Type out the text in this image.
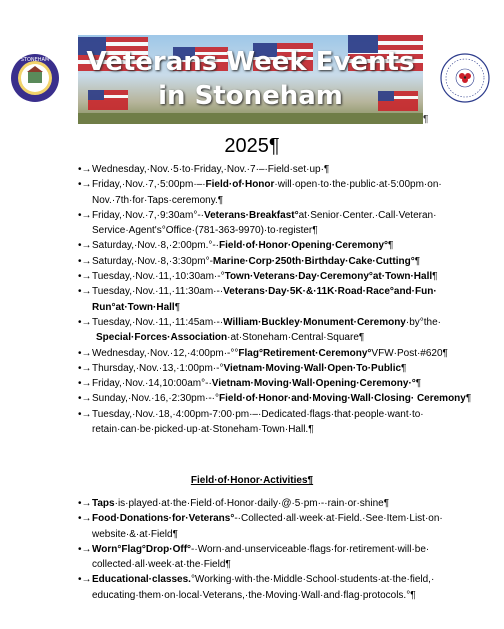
Veterans Week Events
in Stoneham
¶
STONEHAM
2025¶
•→ Wednesday,·Nov.·5·to·Friday,·Nov.·7·–·Field·set·up·¶
•→ Friday,·Nov.·7,·5:00pm·–·Field·of·Honor·will·open·to·the·public·at·5:00pm·on· Nov.·7th·for·Taps·ceremony.¶
•→ Friday,·Nov.·7,·9:30am°-·Veterans·Breakfast°at·Senior·Center.·Call·Veteran· Service·Agent's°Office·(781-363-9970)·to·register¶
•→ Saturday,·Nov.·8,·2:00pm.°-·Field·of·Honor·Opening·Ceremony°¶
•→ Saturday,·Nov.·8,·3:30pm°-Marine·Corp·250th·Birthday·Cake·Cutting°¶
•→ Tuesday,·Nov.·11,·10:30am·-°Town·Veterans·Day·Ceremony°at·Town·Hall¶
•→ Tuesday,·Nov.·11,·11:30am·-·Veterans·Day·5K·&·11K·Road·Race°and·Fun· Run°at·Town·Hall¶
•→ Tuesday,·Nov.·11,·11:45am·-·William·Buckley·Monument·Ceremony·by°the·
Special·Forces·Association·at·Stoneham·Central·Square¶
•→ Wednesday,·Nov.·12,·4:00pm·-°°Flag°Retirement·Ceremony°VFW·Post·#620¶
•→ Thursday,·Nov.·13,·1:00pm·-°Vietnam·Moving·Wall·Open·To·Public¶
•→ Friday,·Nov.·14,10:00am°-·Vietnam·Moving·Wall·Opening·Ceremony·°¶
•→ Sunday,·Nov.·16,·2:30pm·-·°Field·of·Honor·and·Moving·Wall·Closing· Ceremony¶
•→ Tuesday,·Nov.·18,·4:00pm-7:00·pm·–·Dedicated·flags·that·people·want·to· retain·can·be·picked·up·at·Stoneham·Town·Hall.¶
Field·of·Honor·Activities¶
•→ Taps·is·played·at·the·Field·of·Honor·daily·@·5·pm·-·rain·or·shine¶
•→ Food·Donations·for·Veterans°-·Collected·all·week·at·Field.·See·Item·List·on· website·&·at·Field¶
•→ Worn°Flag°Drop·Off°-·Worn·and·unserviceable·flags·for·retirement·will·be· collected·all·week·at·the·Field¶
•→ Educational·classes.°Working·with·the·Middle·School·students·at·the·field,· educating·them·on·local·Veterans,·the·Moving·Wall·and·flag·protocols.°¶
